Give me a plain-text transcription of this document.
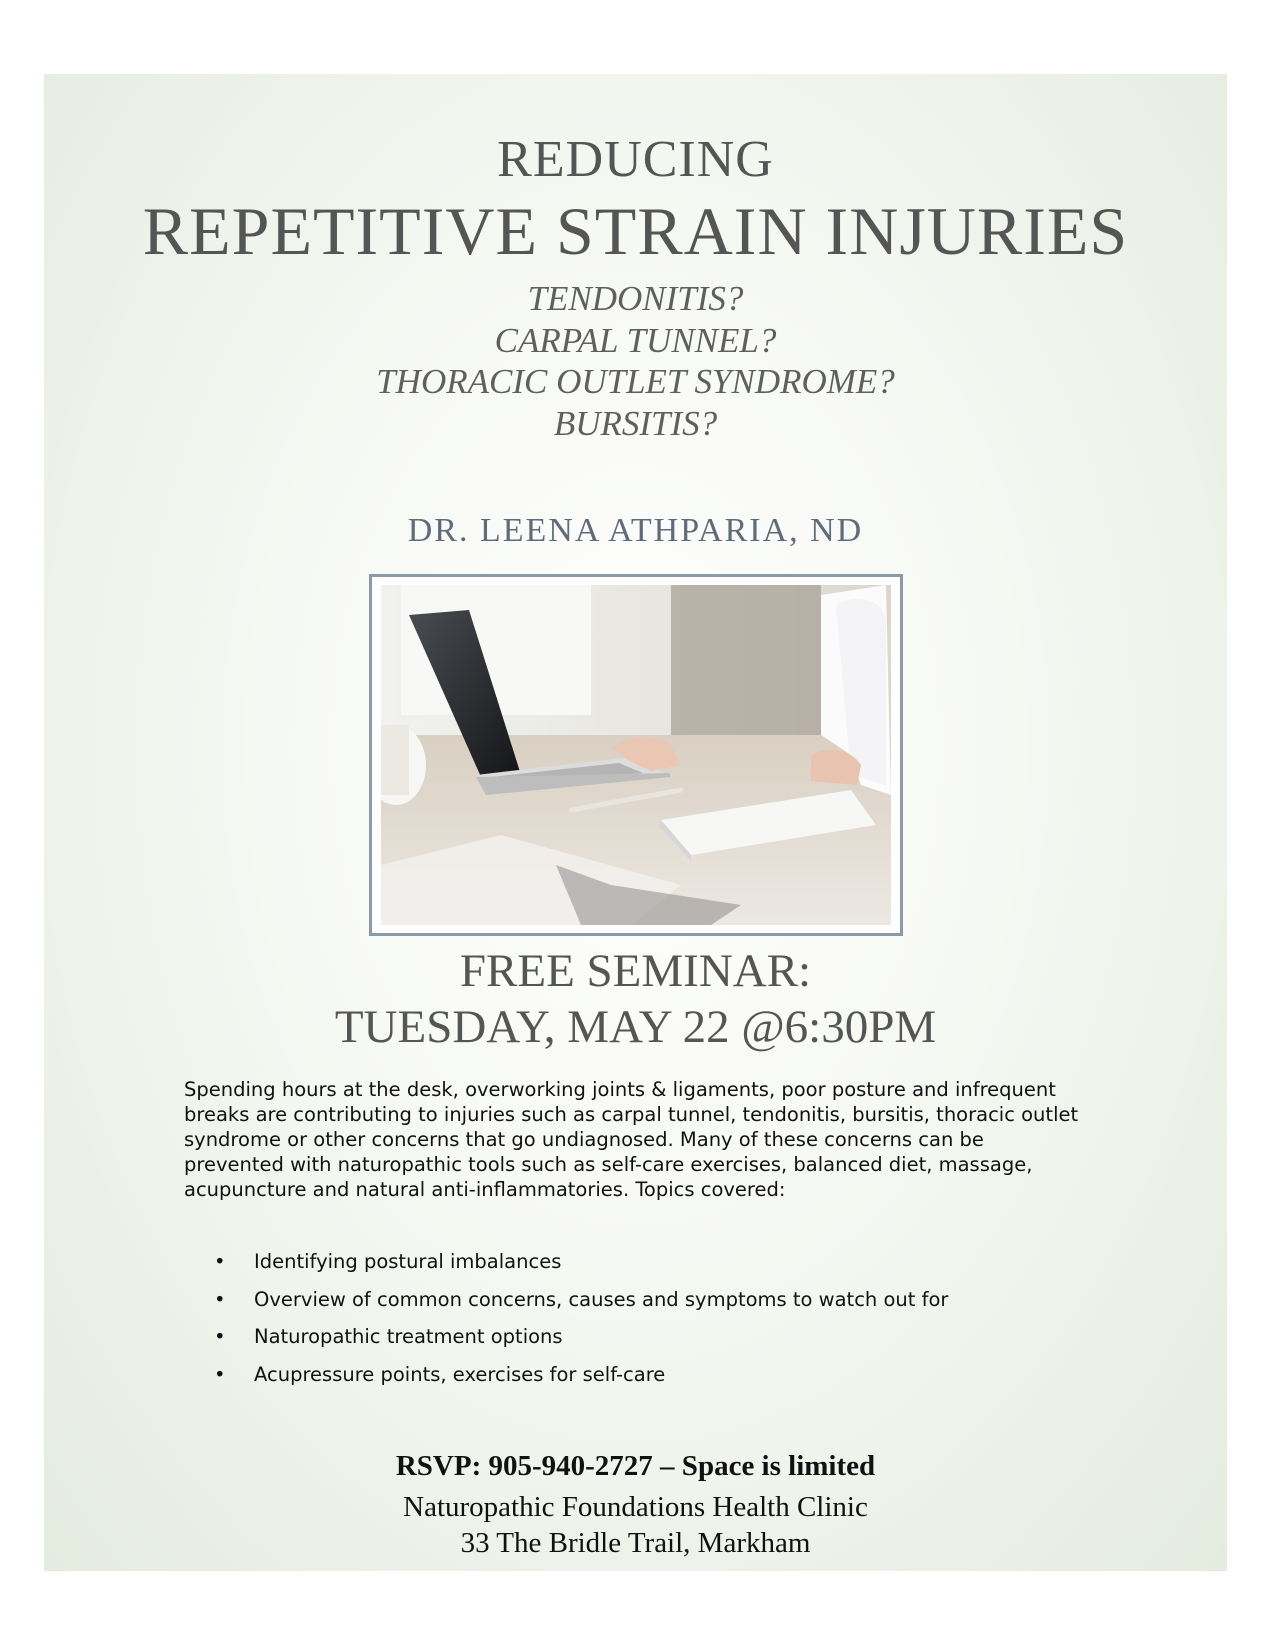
REDUCING
REPETITIVE STRAIN INJURIES
TENDONITIS?
CARPAL TUNNEL?
THORACIC OUTLET SYNDROME?
BURSITIS?
DR. LEENA ATHPARIA, ND
FREE SEMINAR:
TUESDAY, MAY 22 @6:30PM
Spending hours at the desk, overworking joints & ligaments, poor posture and infrequent breaks are contributing to injuries such as carpal tunnel, tendonitis, bursitis, thoracic outlet syndrome or other concerns that go undiagnosed. Many of these concerns can be prevented with naturopathic tools such as self-care exercises, balanced diet, massage, acupuncture and natural anti-inflammatories. Topics covered:
• Identifying postural imbalances
• Overview of common concerns, causes and symptoms to watch out for
• Naturopathic treatment options
• Acupressure points, exercises for self-care
RSVP: 905-940-2727 – Space is limited
Naturopathic Foundations Health Clinic
33 The Bridle Trail, Markham
